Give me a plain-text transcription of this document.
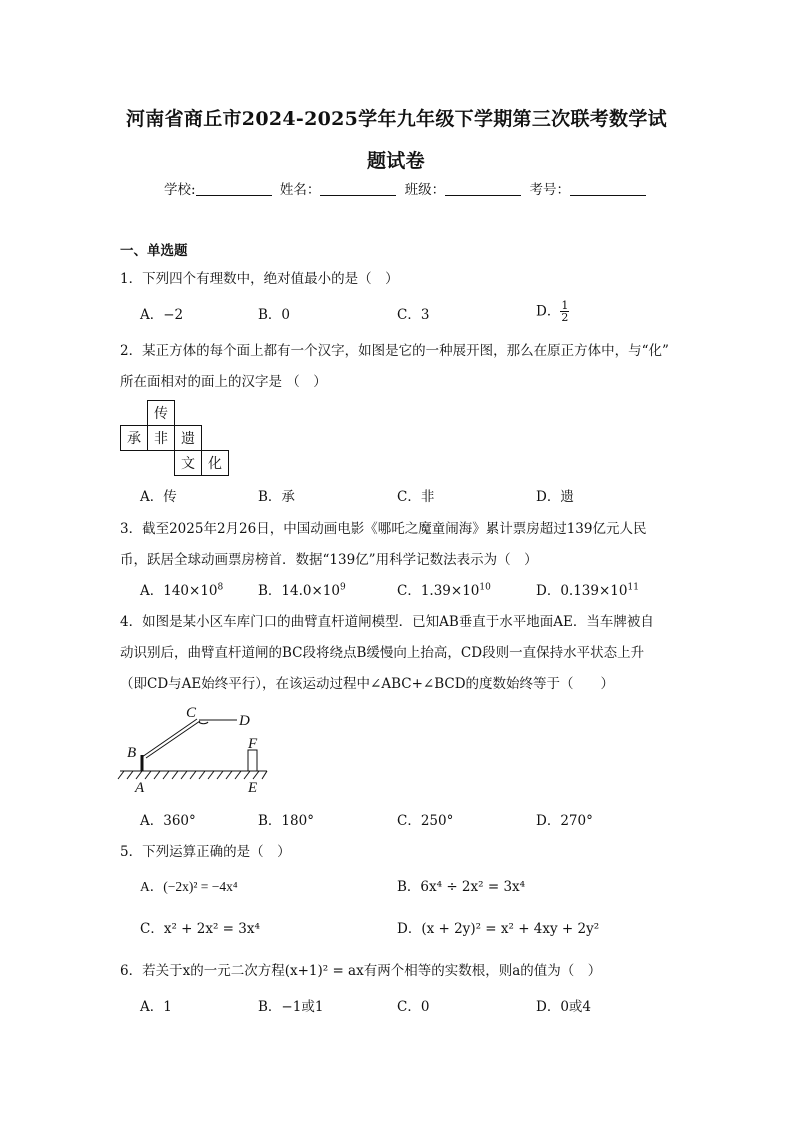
河南省商丘市2024-2025学年九年级下学期第三次联考数学试
题试卷
学校:	姓名：	班级：	考号：
一、单选题
1．下列四个有理数中，绝对值最小的是（　）
A．−2	B．0	C．3	D． $\frac{1}{2}$
2．某正方体的每个面上都有一个汉字，如图是它的一种展开图，那么在原正方体中，与“化”
所在面相对的面上的汉字是 （　）
	传		
承	非	遗	
		文	化
A．传	B．承	C．非	D．遗
3．截至2025年2月26日，中国动画电影《哪吒之魔童闹海》累计票房超过139亿元人民
币，跃居全球动画票房榜首．数据“139亿”用科学记数法表示为（　）
A．$140\times 10^8$	B．$14.0\times 10^9$	C．$1.39\times 10^{10}$	D．$0.139\times 10^{11}$
4．如图是某小区车库门口的曲臂直杆道闸模型．已知AB垂直于水平地面AE．当车牌被自
动识别后，曲臂直杆道闸的BC段将绕点B缓慢向上抬高，CD段则一直保持水平状态上升
（即CD与AE始终平行），在该运动过程中∠ABC+∠BCD的度数始终等于（　　）
C	D
B
F
A	E
A．360°	B．180°	C．250°	D．270°
5．下列运算正确的是（　）
A．(−2x)² = −4x⁴	B．6x⁴ ÷ 2x² = 3x⁴
C．x² + 2x² = 3x⁴	D．(x + 2y)² = x² + 4xy + 2y²
6．若关于x的一元二次方程(x+1)² = ax有两个相等的实数根，则a的值为（　）
A．1	B．−1或1	C．0	D．0或4
